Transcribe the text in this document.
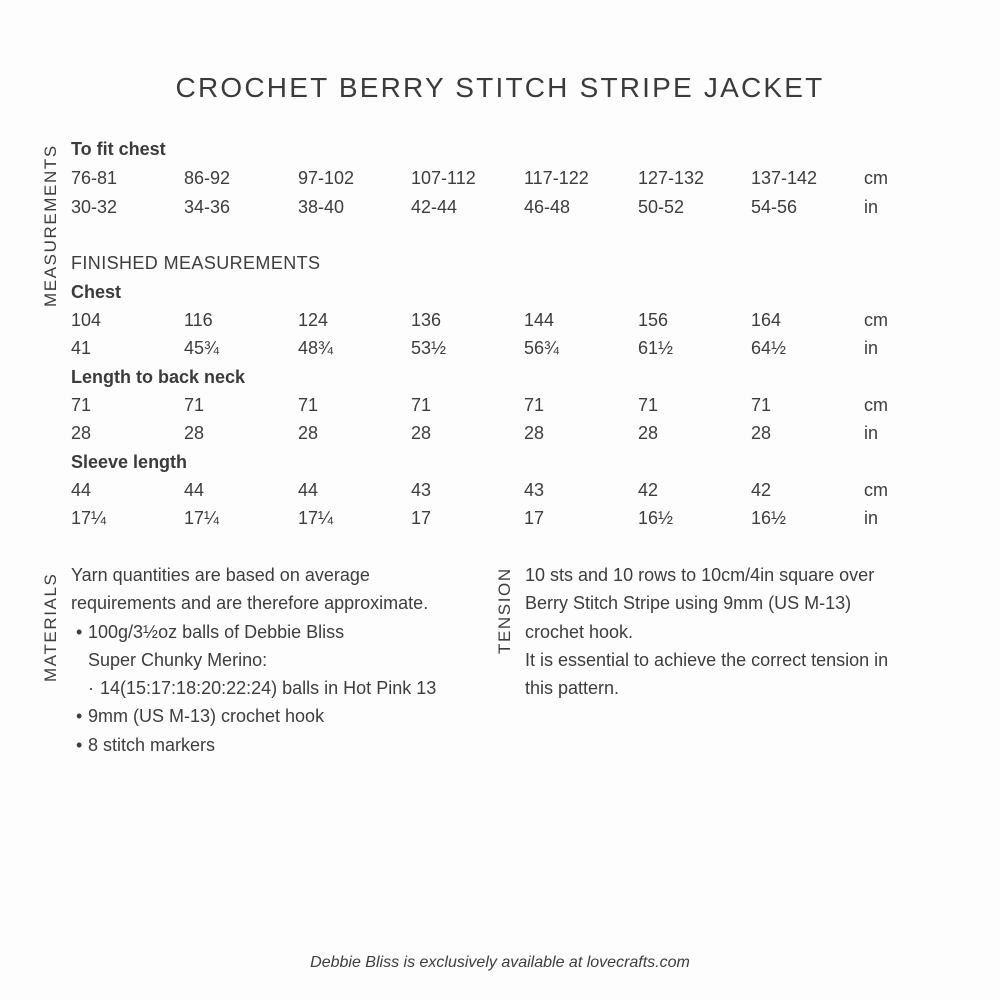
CROCHET BERRY STITCH STRIPE JACKET
MEASUREMENTS To fit chest
76-81	86-92	97-102	107-112	117-122	127-132	137-142	cm
30-32	34-36	38-40	42-44	46-48	50-52	54-56	in
FINISHED MEASUREMENTS
Chest
104	116	124	136	144	156	164	cm
41	45¾	48¾	53½	56¾	61½	64½	in
Length to back neck
71	71	71	71	71	71	71	cm
28	28	28	28	28	28	28	in
Sleeve length
44	44	44	43	43	42	42	cm
17¼	17¼	17¼	17	17	16½	16½	in
MATERIALS Yarn quantities are based on average
requirements and are therefore approximate.
• 100g/3½oz balls of Debbie Bliss
Super Chunky Merino:
· 14(15:17:18:20:22:24) balls in Hot Pink 13
• 9mm (US M-13) crochet hook
• 8 stitch markers
TENSION 10 sts and 10 rows to 10cm/4in square over
Berry Stitch Stripe using 9mm (US M-13)
crochet hook.
It is essential to achieve the correct tension in
this pattern.
Debbie Bliss is exclusively available at lovecrafts.com
